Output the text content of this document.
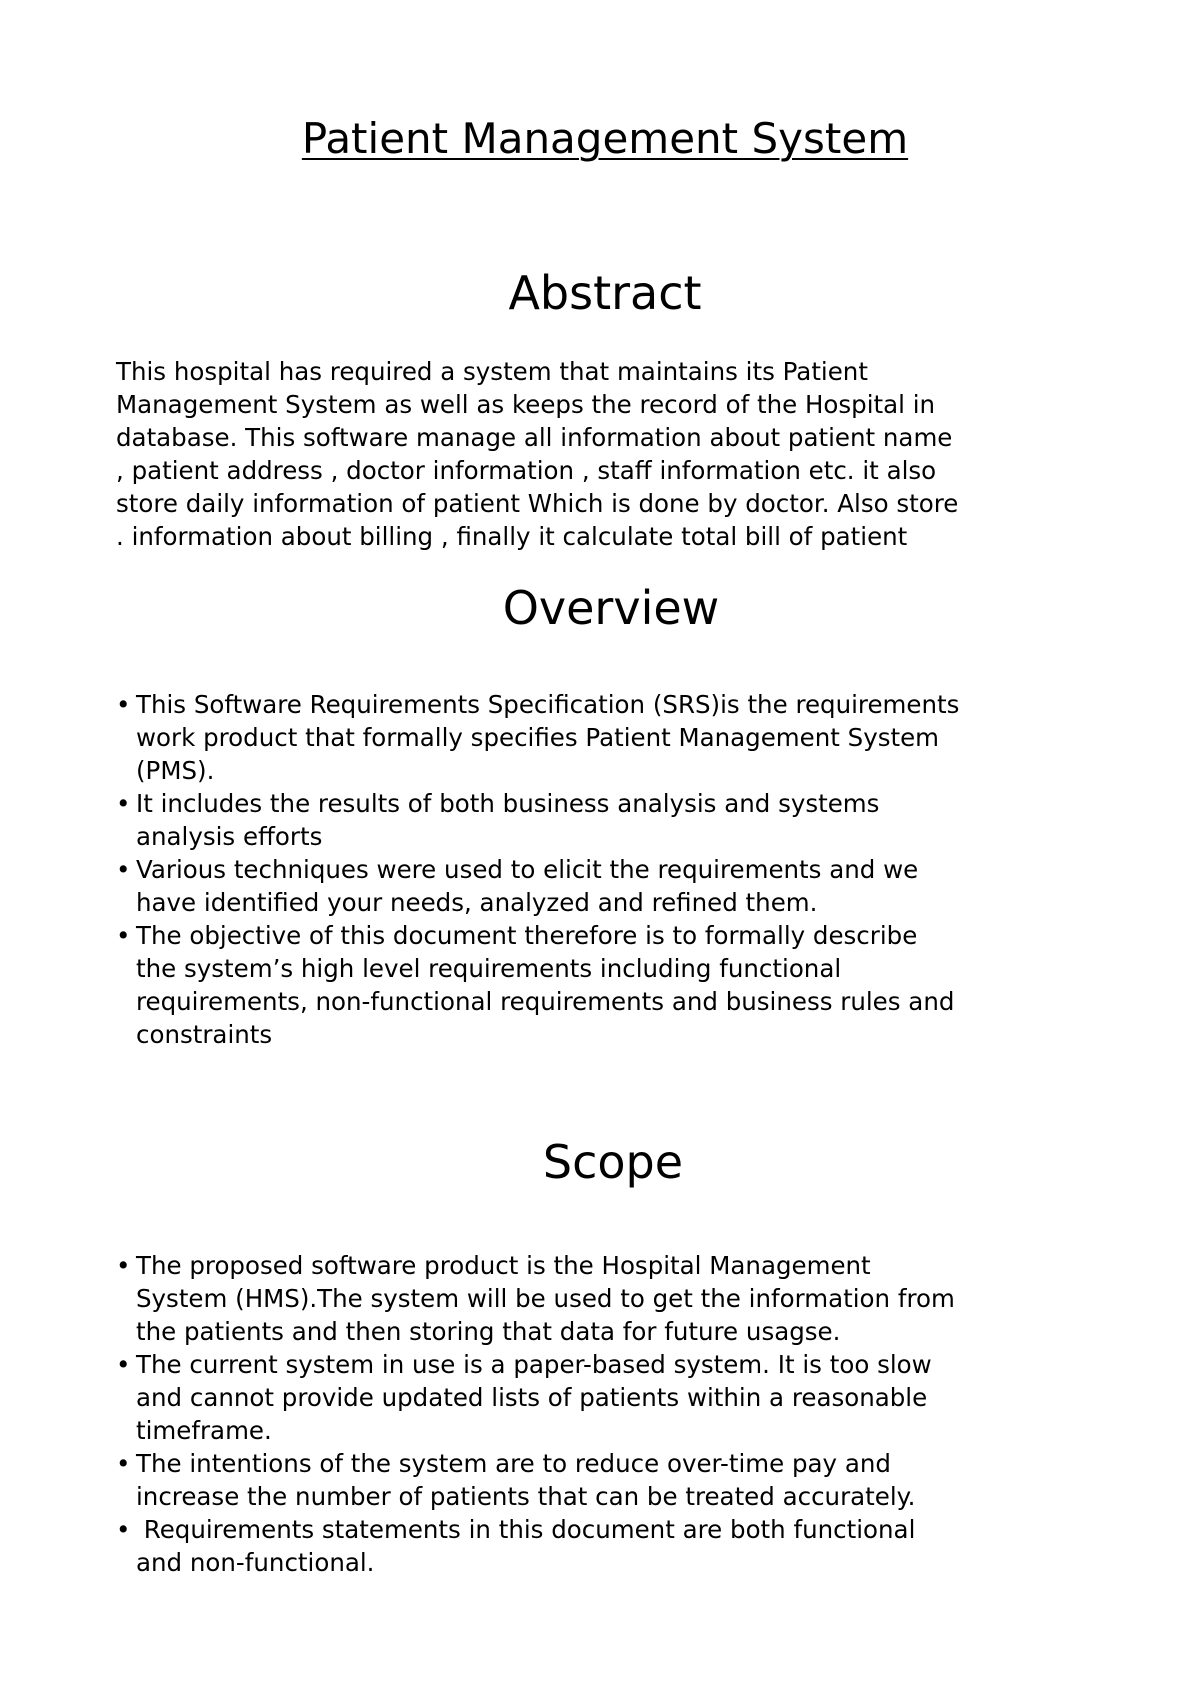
Patient Management System
Abstract
This hospital has required a system that maintains its Patient
Management System as well as keeps the record of the Hospital in
database. This software manage all information about patient name
, patient address , doctor information , staff information etc. it also
store daily information of patient Which is done by doctor. Also store
. information about billing , finally it calculate total bill of patient
Overview
• This Software Requirements Specification (SRS)is the requirements
work product that formally specifies Patient Management System
(PMS).
• It includes the results of both business analysis and systems
analysis efforts
• Various techniques were used to elicit the requirements and we
have identified your needs, analyzed and refined them.
• The objective of this document therefore is to formally describe
the system’s high level requirements including functional
requirements, non-functional requirements and business rules and
constraints
Scope
• The proposed software product is the Hospital Management
System (HMS).The system will be used to get the information from
the patients and then storing that data for future usagse.
• The current system in use is a paper-based system. It is too slow
and cannot provide updated lists of patients within a reasonable
timeframe.
• The intentions of the system are to reduce over-time pay and
increase the number of patients that can be treated accurately.
• Requirements statements in this document are both functional
and non-functional.
